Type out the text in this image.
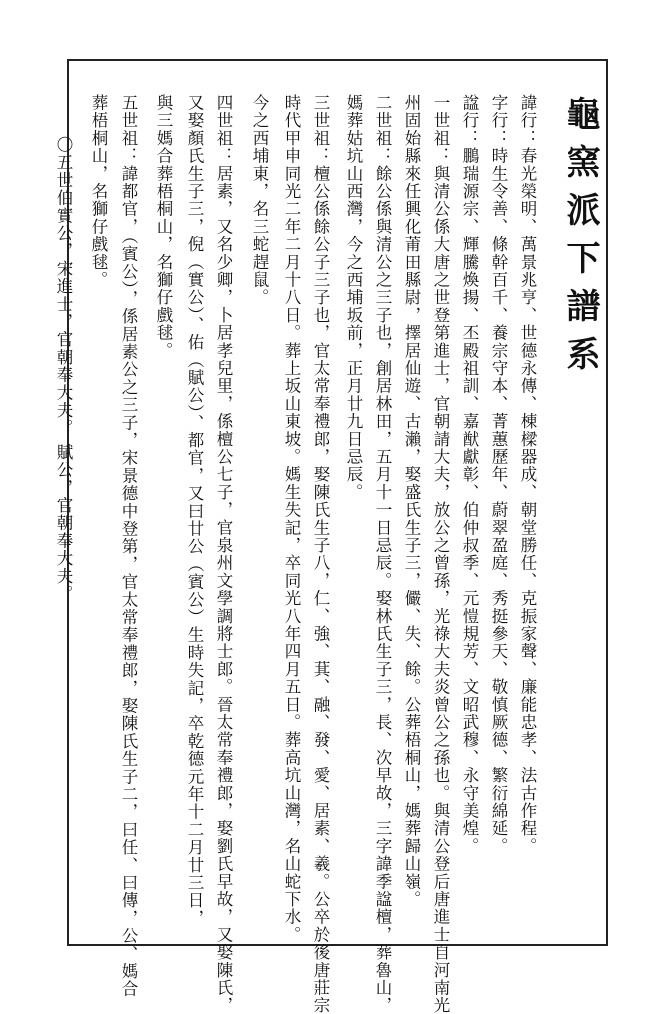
龜窯派下譜系
諱行：春光榮明、萬景兆亨、世德永傳、棟樑器成、朝堂勝任、克振家聲、廉能忠孝、法古作程。
字行：時生令善、條幹百千、養宗守本、菁蕙歷年、蔚翠盈庭、秀挺參天、敬慎厥德、繁衍綿延。
諡行：鵬瑞源宗、輝騰煥揚、丕殿祖訓、嘉猷獻彰、伯仲叔季、元愷規芳、文昭武穆、永守美煌。
一世祖：與清公係大唐之世登第進士，官朝請大夫，放公之曾孫，光祿大夫炎曾公之孫也。與清公登后唐進士自河南光
州固始縣來任興化莆田縣尉，擇居仙遊、古瀨，娶盛氏生子三，儼、失、餘。公葬梧桐山，媽葬歸山嶺。
二世祖：餘公係與清公之三子也，創居林田，五月十一日忌辰。娶林氏生子三，長、次早故，三字諱季諡檀，葬魯山，
媽葬姑坑山西灣，今之西埔坂前，正月廿九日忌辰。
三世祖：檀公係餘公子三子也，官太常奉禮郎，娶陳氏生子八，仁、強、萁、融、發、愛、居素、羲。公卒於後唐莊宗
時代甲申同光二年二月十八日。葬上坂山東坡。媽生失記，卒同光八年四月五日。葬高坑山灣，名山蛇下水。
今之西埔東，名三蛇趕鼠。
四世祖：居素，又名少卿，卜居孝兒里，係檀公七子，官泉州文學調將士郎。晉太常奉禮郎，娶劉氏早故，又娶陳氏，
又娶顏氏生子三，倪（實公）、佑（賦公）、都官，又曰廿公（賓公）生時失記，卒乾德元年十二月廿三日，
與三媽合葬梧桐山，名獅仔戲毬。
五世祖：諱都官，（賓公），係居素公之三子，宋景德中登第，官太常奉禮郎，娶陳氏生子二，曰任、曰傳，公、媽合
葬梧桐山，名獅仔戲毬。
〇五世伯實公，宋進士，官朝奉大夫。 賦公，官朝奉大夫。
